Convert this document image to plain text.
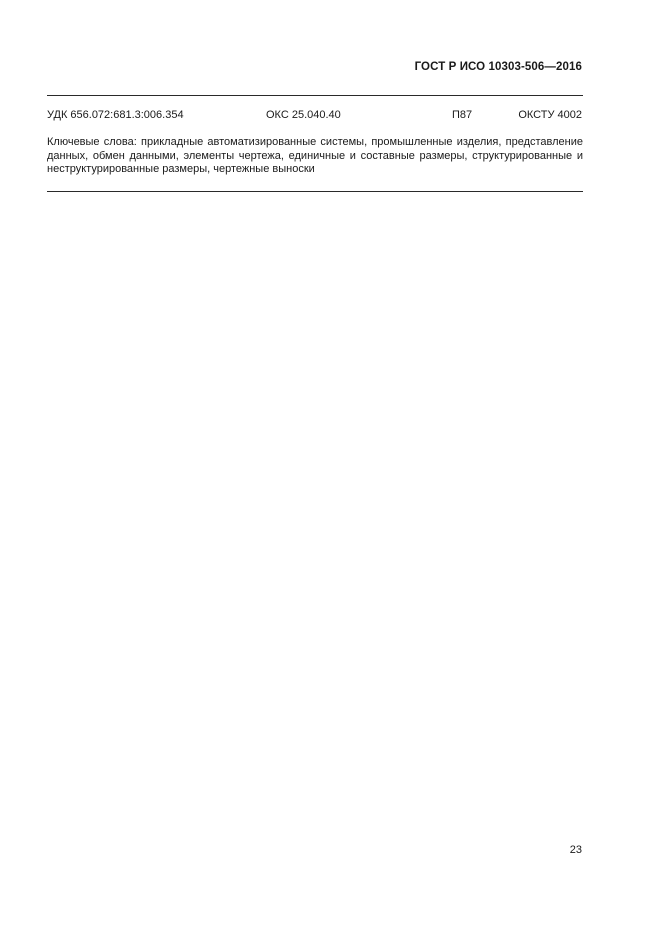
ГОСТ Р ИСО 10303-506—2016
УДК 656.072:681.3:006.354	ОКС 25.040.40	П87	ОКСТУ 4002
Ключевые слова: прикладные автоматизированные системы, промышленные изделия, представление данных, обмен данными, элементы чертежа, единичные и составные размеры, структурированные и неструктурированные размеры, чертежные выноски
23
